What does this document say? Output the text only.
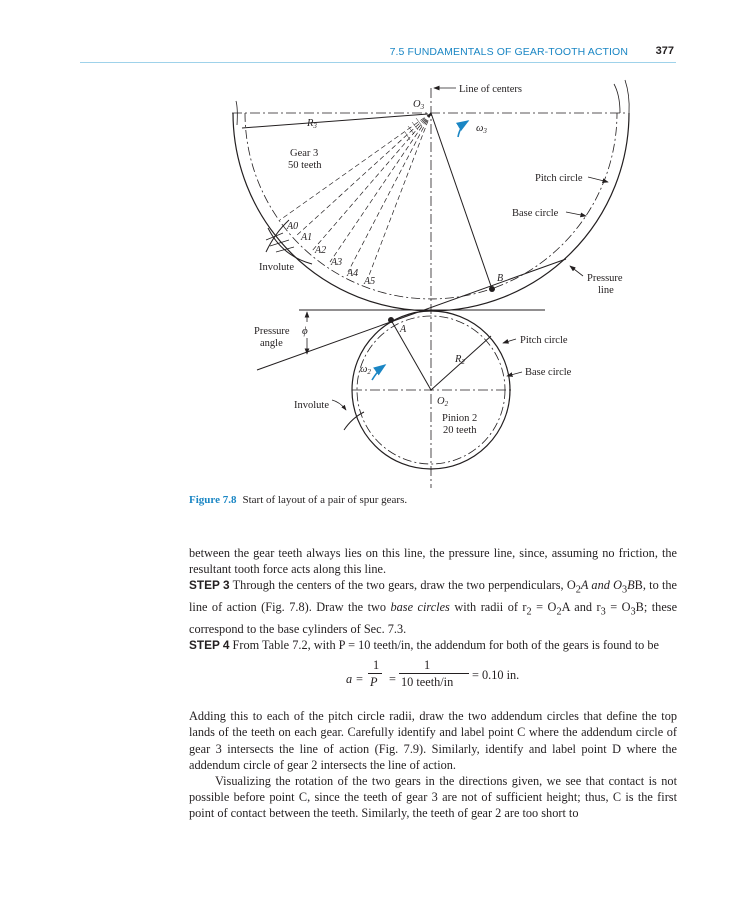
7.5 FUNDAMENTALS OF GEAR-TOOTH ACTION	377
Line of centers
O3
ω3
R3
Gear 3
50 teeth
Pitch circle
Base circle
Pressure
line
Involute
A0
A1
A2
A3
A4
A5	B
A
Pressure
angle
ϕ
ω2
R2
Pitch circle
Base circle
O2
Pinion 2
20 teeth
Involute
Figure 7.8 Start of layout of a pair of spur gears.

between the gear teeth always lies on this line, the pressure line, since, assuming no friction, the resultant tooth force acts along this line.

STEP 3 Through the centers of the two gears, draw the two perpendiculars, $O_2A$ and $O_3BB$, to the line of action (Fig. 7.8). Draw the two base circles with radii of $r_2 = O_2A$ and $r_3 = O_3B$; these correspond to the base cylinders of Sec. 7.3.

STEP 4 From Table 7.2, with P = 10 teeth/in, the addendum for both of the gears is found to be

a =
1
P =
1
10 teeth/in = 0.10 in.

Adding this to each of the pitch circle radii, draw the two addendum circles that define the top lands of the teeth on each gear. Carefully identify and label point C where the addendum circle of gear 3 intersects the line of action (Fig. 7.9). Similarly, identify and label point D where the addendum circle of gear 2 intersects the line of action.

Visualizing the rotation of the two gears in the directions given, we see that contact is not possible before point C, since the teeth of gear 3 are not of sufficient height; thus, C is the first point of contact between the teeth. Similarly, the teeth of gear 2 are too short to
